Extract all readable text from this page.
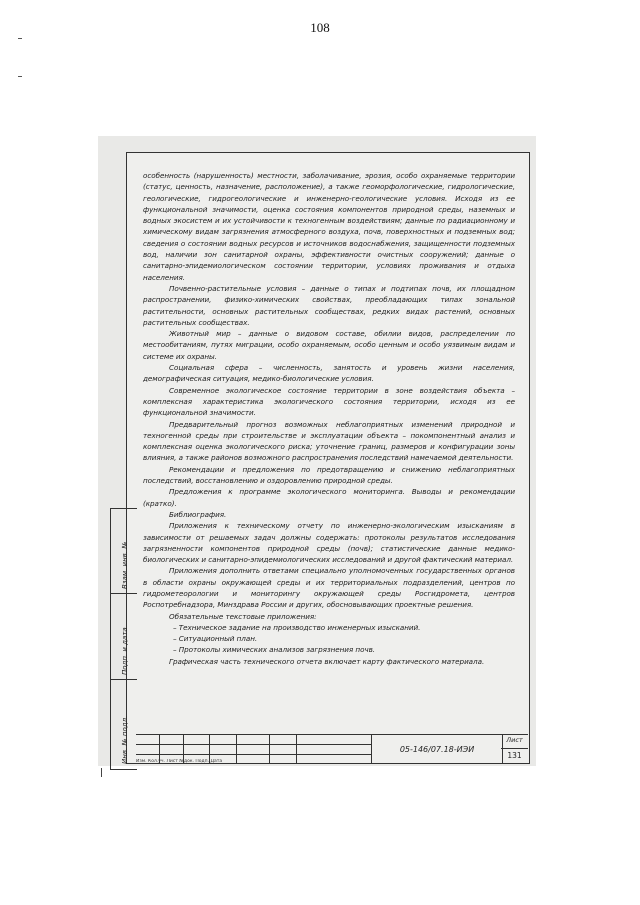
108
Взам. инв. №
Подп. и дата
Инв. № подл.

особенность (нарушенность) местности, заболачивание, эрозия, особо охраняемые территории (статус, ценность, назначение, расположение), а также геоморфологические, гидрологические, геологические, гидрогеологические и инженерно-геологические условия. Исходя из ее функциональной значимости, оценка состояния компонентов природной среды, наземных и водных экосистем и их устойчивости к техногенным воздействиям; данные по радиационному и химическому видам загрязнения атмосферного воздуха, почв, поверхностных и подземных вод; сведения о состоянии водных ресурсов и источников водоснабжения, защищенности подземных вод, наличии зон санитарной охраны, эффективности очистных сооружений; данные о санитарно-эпидемиологическом состоянии территории, условиях проживания и отдыха населения.

Почвенно-растительные условия – данные о типах и подтипах почв, их площадном распространении, физико-химических свойствах, преобладающих типах зональной растительности, основных растительных сообществах, редких видах растений, основных растительных сообществах.

Животный мир – данные о видовом составе, обилии видов, распределении по местообитаниям, путях миграции, особо охраняемым, особо ценным и особо уязвимым видам и системе их охраны.

Социальная сфера – численность, занятость и уровень жизни населения, демографическая ситуация, медико-биологические условия.

Современное экологическое состояние территории в зоне воздействия объекта – комплексная характеристика экологического состояния территории, исходя из ее функциональной значимости.

Предварительный прогноз возможных неблагоприятных изменений природной и техногенной среды при строительстве и эксплуатации объекта – покомпонентный анализ и комплексная оценка экологического риска; уточнение границ, размеров и конфигурации зоны влияния, а также районов возможного распространения последствий намечаемой деятельности.

Рекомендации и предложения по предотвращению и снижению неблагоприятных последствий, восстановлению и оздоровлению природной среды.

Предложения к программе экологического мониторинга. Выводы и рекомендации (кратко).

Библиография.

Приложения к техническому отчету по инженерно-экологическим изысканиям в зависимости от решаемых задач должны содержать: протоколы результатов исследования загрязненности компонентов природной среды (почв); статистические данные медико-биологических и санитарно-эпидемиологических исследований и другой фактический материал.

Приложения дополнить ответами специально уполномоченных государственных органов в области охраны окружающей среды и их территориальных подразделений, центров по гидрометеорологии и мониторингу окружающей среды Росгидромета, центров Роспотребнадзора, Минздрава России и других, обосновывающих проектные решения.

Обязательные текстовые приложения:

– Техническое задание на производство инженерных изысканий.

– Ситуационный план.

– Протоколы химических анализов загрязнения почв.

Графическая часть технического отчета включает карту фактического материала.

Изм. Кол.уч. Лист №док. Подп. Дата
05-146/07.18-ИЭИ
Лист
131
